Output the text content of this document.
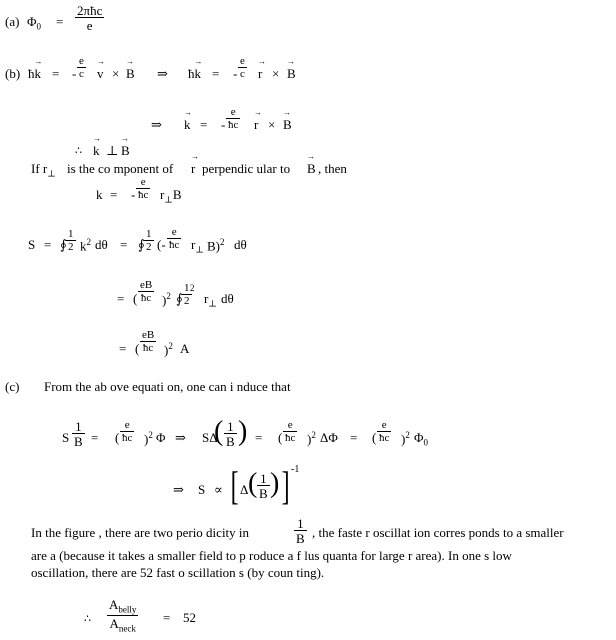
(a) $\Phi_0$ =
2πħc
e
(b) ħ→ k = - $\frac{e}{c} \to v$ × → B ⇒ ħ→ k = - $\frac{e}{c} \to r$ × → B
⇒ → k = - $\frac{e}{ħc} \to r$ × → B
∴ → k ⊥ → B
If $r_\perp$ is the co mponent of → r perpendic ular to → B , then
k = - $\frac{e}{ħc} r_\perp B$
S = ∮ $\frac{1}{2} k^2$ dθ = ∮ $\frac{1}{2}$ (- $\frac{e}{ħc} r_\perp$ B)$^2$ dθ
= ( $\frac{eB}{ħc} )^2$ ∮ $\frac{1}{2}$
2
$r_\perp$ dθ
= ( $\frac{eB}{ħc} )^2$ A
(c) From the ab ove equati on, one can i nduce that
S $\frac{1}{B}$ = ( $\frac{e}{ħc} )^2$ Φ ⇒ SΔ
( $\frac{1}{B}$ ) = ( $\frac{e}{ħc} )^2$ ΔΦ = ( $\frac{e}{ħc} )^2$ $\Phi_0$
⇒ S ∝ [ Δ ( $\frac{1}{B}$ ) ] -1
In the figure , there are two perio dicity in	$\frac{1}{B}$ , the faste r oscillat ion corres ponds to a smaller
are a (because it takes a smaller field to p roduce a f lus quanta for large r area). In one s low
oscillation, there are 52 fast o scillation s (by coun ting).
∴
$A_{belly}$
$A_{neck}$
= 52
